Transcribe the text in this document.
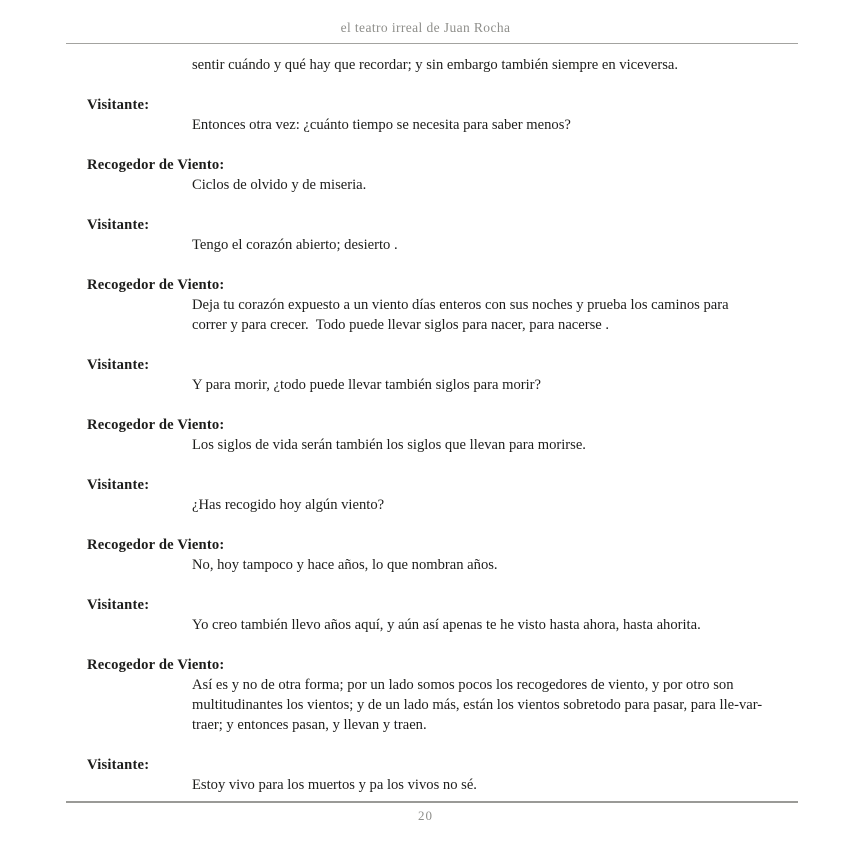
el teatro irreal de Juan Rocha

sentir cuándo y qué hay que recordar; y sin embargo también siempre en viceversa.

Visitante:

Entonces otra vez: ¿cuánto tiempo se necesita para saber menos?

Recogedor de Viento:

Ciclos de olvido y de miseria.

Visitante:

Tengo el corazón abierto; desierto .

Recogedor de Viento:

Deja tu corazón expuesto a un viento días enteros con sus noches y prueba los caminos para correr y para crecer.  Todo puede llevar siglos para nacer, para nacerse .

Visitante:

Y para morir, ¿todo puede llevar también siglos para morir?

Recogedor de Viento:

Los siglos de vida serán también los siglos que llevan para morirse.

Visitante:

¿Has recogido hoy algún viento?

Recogedor de Viento:

No, hoy tampoco y hace años, lo que nombran años.

Visitante:

Yo creo también llevo años aquí, y aún así apenas te he visto hasta ahora, hasta ahorita.

Recogedor de Viento:

Así es y no de otra forma; por un lado somos pocos los recogedores de viento, y por otro son multitudinantes los vientos; y de un lado más, están los vientos sobretodo para pasar, para lle-var-traer; y entonces pasan, y llevan y traen.

Visitante:

Estoy vivo para los muertos y pa los vivos no sé.

20
